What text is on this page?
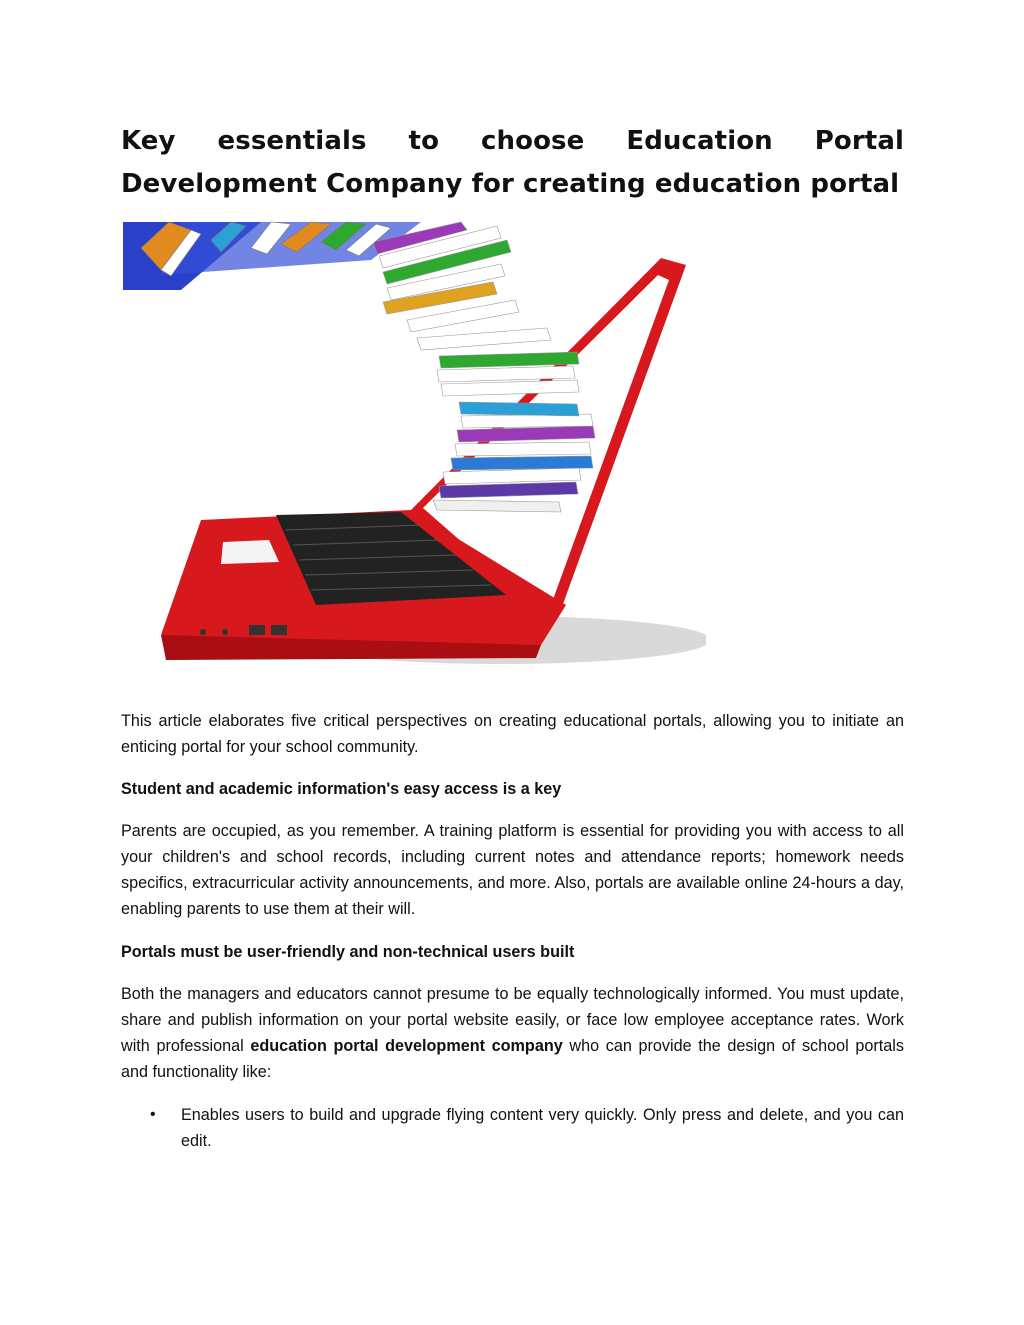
Key essentials to choose Education Portal Development Company for creating education portal

This article elaborates five critical perspectives on creating educational portals, allowing you to initiate an enticing portal for your school community.

Student and academic information's easy access is a key

Parents are occupied, as you remember. A training platform is essential for providing you with access to all your children's and school records, including current notes and attendance reports; homework needs specifics, extracurricular activity announcements, and more. Also, portals are available online 24-hours a day, enabling parents to use them at their will.

Portals must be user-friendly and non-technical users built

Both the managers and educators cannot presume to be equally technologically informed. You must update, share and publish information on your portal website easily, or face low employee acceptance rates. Work with professional education portal development company who can provide the design of school portals and functionality like:

•	Enables users to build and upgrade flying content very quickly. Only press and delete, and you can edit.
